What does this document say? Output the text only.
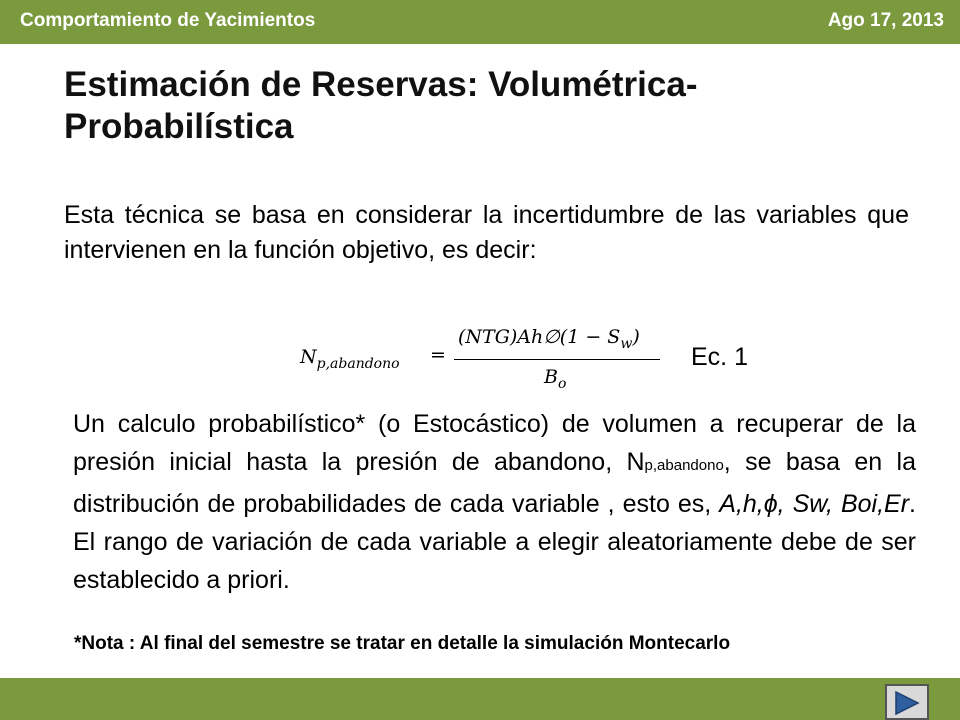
Comportamiento de Yacimientos	Ago 17, 2013
Estimación de Reservas: Volumétrica-Probabilística
Esta técnica se basa en considerar la incertidumbre de las variables que intervienen en la función objetivo, es decir:
$N_{p,abandono}$ =
(NTG)Ah∅(1 − $S_w$)
$B_o$
Ec. 1
Un calculo probabilístico* (o Estocástico) de volumen a recuperar de la presión inicial hasta la presión de abandono, Np,abandono, se basa en la distribución de probabilidades de cada variable , esto es, A,h,ϕ, Sw, Boi,Er. El rango de variación de cada variable a elegir aleatoriamente debe de ser establecido a priori.
*Nota : Al final del semestre se tratar en detalle la simulación Montecarlo
